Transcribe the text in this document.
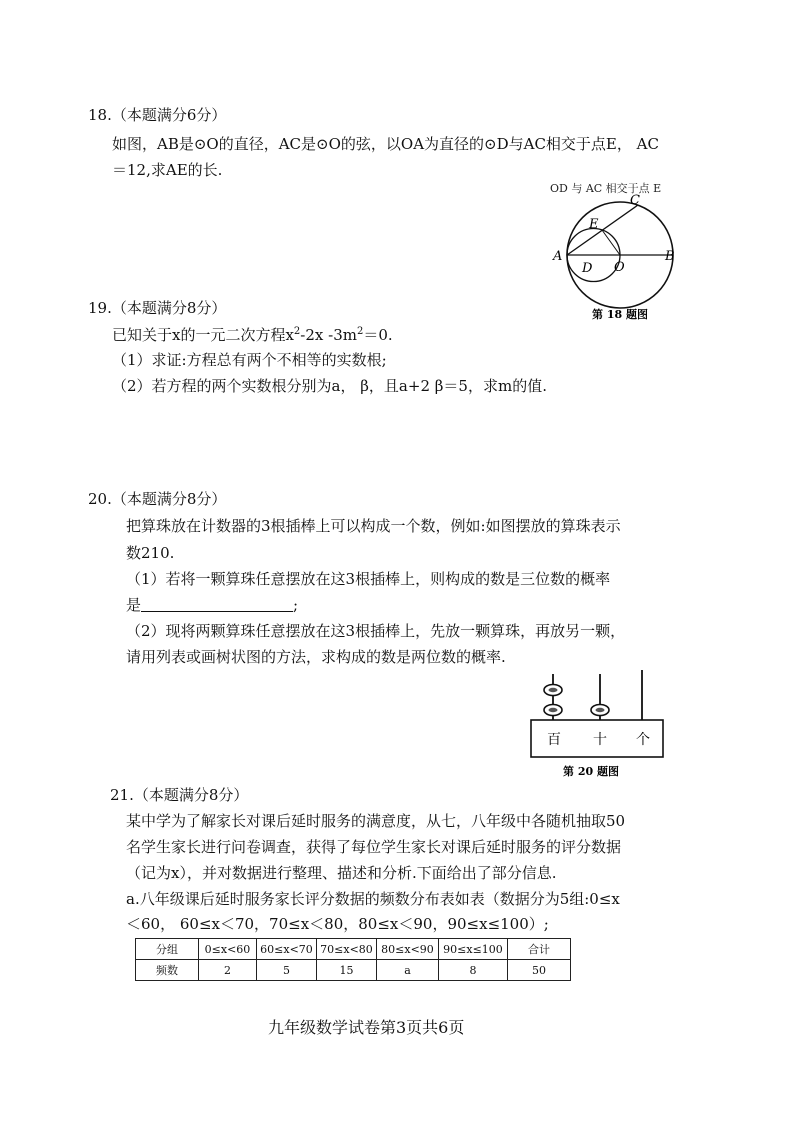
18.（本题满分6分）
如图，AB是⊙O的直径，AC是⊙O的弦，以OA为直径的⊙D与AC相交于点E， AC
＝12,求AE的长.
OD 与 AC 相交于点 E
C
E
A
D O
B
第 18 题图
19.（本题满分8分）
已知关于x的一元二次方程$x^2-2x$ $-3m^2=0$.
（1）求证:方程总有两个不相等的实数根;
（2）若方程的两个实数根分别为a， β，且a+2 β＝5，求m的值.
20.（本题满分8分）
把算珠放在计数器的3根插棒上可以构成一个数，例如:如图摆放的算珠表示
数210.
（1）若将一颗算珠任意摆放在这3根插棒上，则构成的数是三位数的概率
是	;
（2）现将两颗算珠任意摆放在这3根插棒上，先放一颗算珠，再放另一颗，
请用列表或画树状图的方法，求构成的数是两位数的概率.
百 十 个
第 20 题图
21.（本题满分8分）
某中学为了解家长对课后延时服务的满意度，从七，八年级中各随机抽取50
名学生家长进行问卷调查，获得了每位学生家长对课后延时服务的评分数据
（记为x），并对数据进行整理、描述和分析.下面给出了部分信息.
a.八年级课后延时服务家长评分数据的频数分布表如表（数据分为5组:0≤x
＜60， 60≤x＜70，70≤x＜80，80≤x＜90，90≤x≤100）;
分组	0≤x<60	60≤x<70	70≤x<80	80≤x<90	90≤x≤100	合计
频数	2	5	15	a	8	50
九年级数学试卷第3页共6页
